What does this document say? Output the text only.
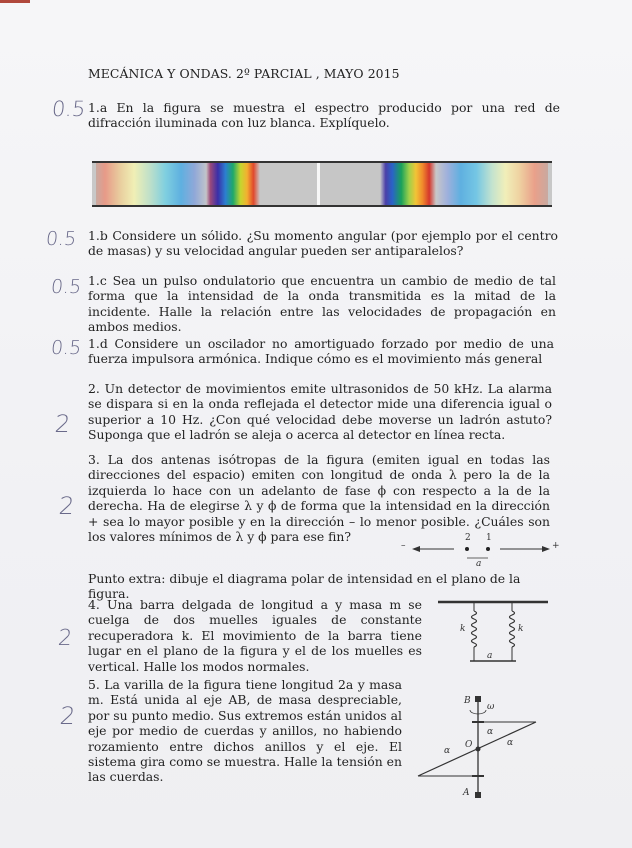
MECÁNICA Y ONDAS. 2º PARCIAL , MAYO 2015
0.5 1.a En la figura se muestra el espectro producido por una red de difracción iluminada con luz blanca. Explíquelo.

0.5 1.b Considere un sólido. ¿Su momento angular (por ejemplo por el centro de masas) y su velocidad angular pueden ser antiparalelos?

0.5 1.c Sea un pulso ondulatorio que encuentra un cambio de medio de tal forma que la intensidad de la onda transmitida es la mitad de la incidente. Halle la relación entre las velocidades de propagación en ambos medios.

0.5 1.d Considere un oscilador no amortiguado forzado por medio de una fuerza impulsora armónica. Indique cómo es el movimiento más general

2

2. Un detector de movimientos emite ultrasonidos de 50 kHz. La alarma se dispara si en la onda reflejada el detector mide una diferencia igual o superior a 10 Hz. ¿Con qué velocidad debe moverse un ladrón astuto? Suponga que el ladrón se aleja o acerca al detector en línea recta.

2

3. La dos antenas isótropas de la figura (emiten igual en todas las direcciones del espacio) emiten con longitud de onda λ pero la de la izquierda lo hace con un adelanto de fase ϕ con respecto a la de la derecha. Ha de elegirse λ y ϕ de forma que la intensidad en la dirección + sea lo mayor posible y en la dirección – lo menor posible. ¿Cuáles son los valores mínimos de λ y ϕ para ese fin?

–
2 1
+
a

Punto extra: dibuje el diagrama polar de intensidad en el plano de la figura.

2

4. Una barra delgada de longitud a y masa m se cuelga de dos muelles iguales de constante recuperadora k. El movimiento de la barra tiene lugar en el plano de la figura y el de los muelles es vertical. Halle los modos normales.

k	k
a
2

5. La varilla de la figura tiene longitud 2a y masa m. Está unida al eje AB, de masa despreciable, por su punto medio. Sus extremos están unidos al eje por medio de cuerdas y anillos, no habiendo rozamiento entre dichos anillos y el eje. El sistema gira como se muestra. Halle la tensión en las cuerdas.

B
A
O
ω
α
α
α
